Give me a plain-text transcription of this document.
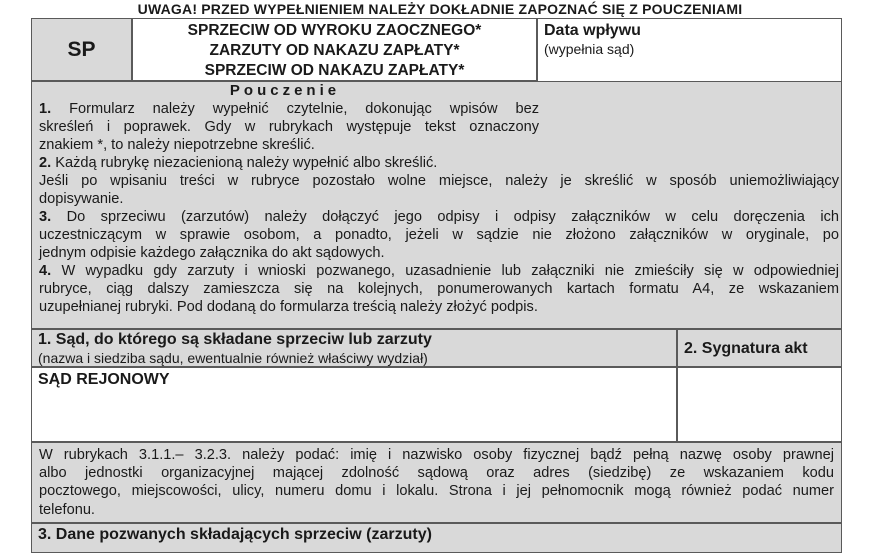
UWAGA! PRZED WYPEŁNIENIEM NALEŻY DOKŁADNIE ZAPOZNAĆ SIĘ Z POUCZENIAMI
SP
SPRZECIW OD WYROKU ZAOCZNEGO*
ZARZUTY OD NAKAZU ZAPŁATY*
SPRZECIW OD NAKAZU ZAPŁATY*
Data wpływu
(wypełnia sąd)
Pouczenie
1. Formularz należy wypełnić czytelnie, dokonując wpisów bez
skreśleń i poprawek. Gdy w rubrykach występuje tekst oznaczony
znakiem *, to należy niepotrzebne skreślić.
2. Każdą rubrykę niezacienioną należy wypełnić albo skreślić.
Jeśli po wpisaniu treści w rubryce pozostało wolne miejsce, należy je skreślić w sposób uniemożliwiający
dopisywanie.
3. Do sprzeciwu (zarzutów) należy dołączyć jego odpisy i odpisy załączników w celu doręczenia ich
uczestniczącym w sprawie osobom, a ponadto, jeżeli w sądzie nie złożono załączników w oryginale, po
jednym odpisie każdego załącznika do akt sądowych.
4. W wypadku gdy zarzuty i wnioski pozwanego, uzasadnienie lub załączniki nie zmieściły się w odpowiedniej
rubryce, ciąg dalszy zamieszcza się na kolejnych, ponumerowanych kartach formatu A4, ze wskazaniem
uzupełnianej rubryki. Pod dodaną do formularza treścią należy złożyć podpis.
1. Sąd, do którego są składane sprzeciw lub zarzuty
(nazwa i siedziba sądu, ewentualnie również właściwy wydział)
2. Sygnatura akt
SĄD REJONOWY
W rubrykach 3.1.1.– 3.2.3. należy podać: imię i nazwisko osoby fizycznej bądź pełną nazwę osoby prawnej
albo jednostki organizacyjnej mającej zdolność sądową oraz adres (siedzibę) ze wskazaniem kodu
pocztowego, miejscowości, ulicy, numeru domu i lokalu. Strona i jej pełnomocnik mogą również podać numer
telefonu.
3. Dane pozwanych składających sprzeciw (zarzuty)
